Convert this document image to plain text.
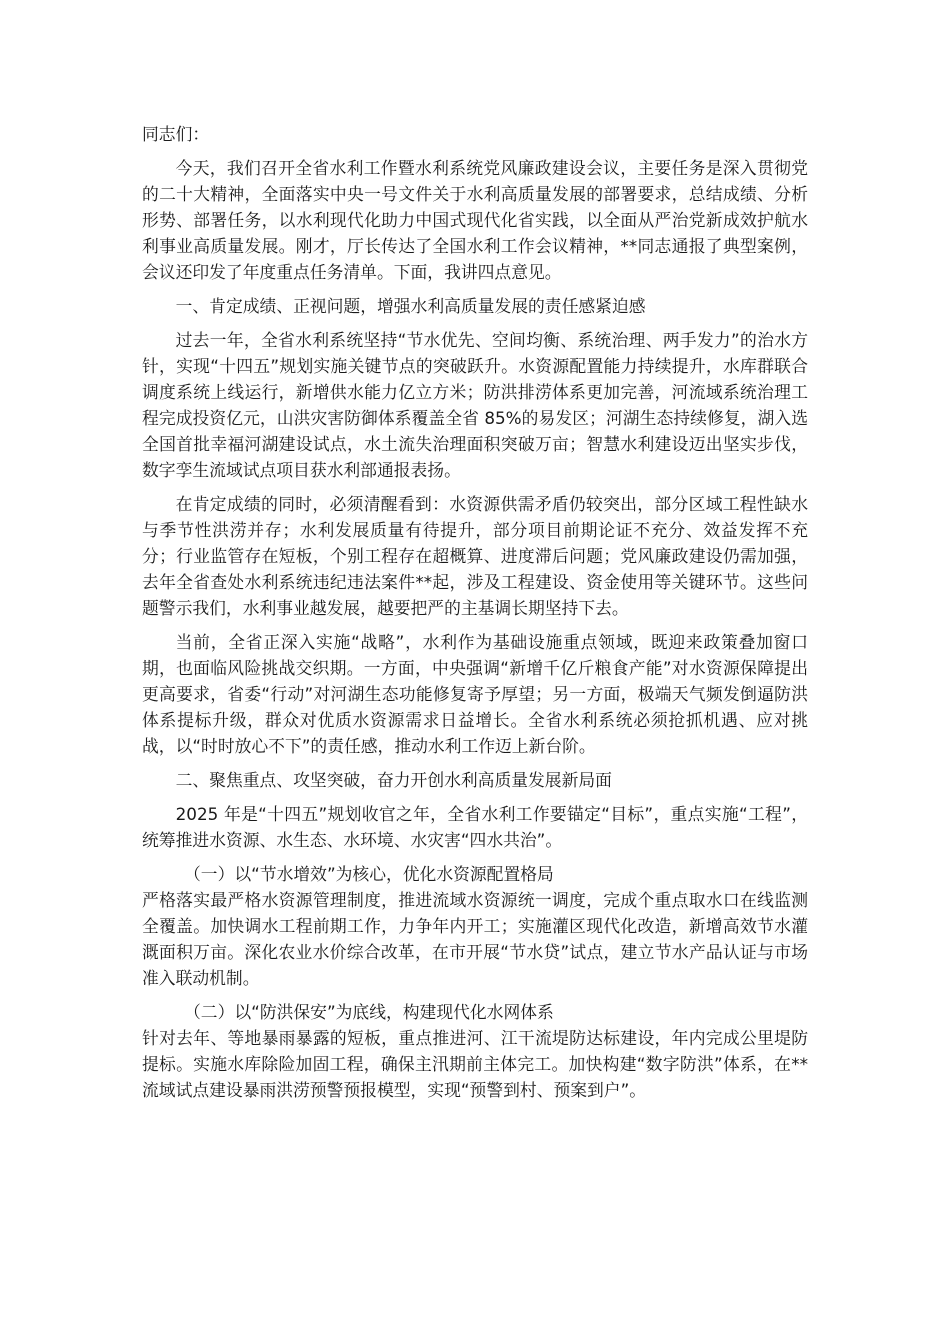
同志们：

今天，我们召开全省水利工作暨水利系统党风廉政建设会议，主要任务是深入贯彻党的二十大精神，全面落实中央一号文件关于水利高质量发展的部署要求，总结成绩、分析形势、部署任务，以水利现代化助力中国式现代化省实践，以全面从严治党新成效护航水利事业高质量发展。刚才，厅长传达了全国水利工作会议精神，**同志通报了典型案例，会议还印发了年度重点任务清单。下面，我讲四点意见。

一、肯定成绩、正视问题，增强水利高质量发展的责任感紧迫感

过去一年，全省水利系统坚持“节水优先、空间均衡、系统治理、两手发力”的治水方针，实现“十四五”规划实施关键节点的突破跃升。水资源配置能力持续提升，水库群联合调度系统上线运行，新增供水能力亿立方米；防洪排涝体系更加完善，河流域系统治理工程完成投资亿元，山洪灾害防御体系覆盖全省 85%的易发区；河湖生态持续修复，湖入选全国首批幸福河湖建设试点，水土流失治理面积突破万亩；智慧水利建设迈出坚实步伐，数字孪生流域试点项目获水利部通报表扬。

在肯定成绩的同时，必须清醒看到：水资源供需矛盾仍较突出，部分区域工程性缺水与季节性洪涝并存；水利发展质量有待提升，部分项目前期论证不充分、效益发挥不充分；行业监管存在短板，个别工程存在超概算、进度滞后问题；党风廉政建设仍需加强，去年全省查处水利系统违纪违法案件**起，涉及工程建设、资金使用等关键环节。这些问题警示我们，水利事业越发展，越要把严的主基调长期坚持下去。

当前，全省正深入实施“战略”，水利作为基础设施重点领域，既迎来政策叠加窗口期，也面临风险挑战交织期。一方面，中央强调“新增千亿斤粮食产能”对水资源保障提出更高要求，省委“行动”对河湖生态功能修复寄予厚望；另一方面，极端天气频发倒逼防洪体系提标升级，群众对优质水资源需求日益增长。全省水利系统必须抢抓机遇、应对挑战，以“时时放心不下”的责任感，推动水利工作迈上新台阶。

二、聚焦重点、攻坚突破，奋力开创水利高质量发展新局面

2025 年是“十四五”规划收官之年，全省水利工作要锚定“目标”，重点实施“工程”，统筹推进水资源、水生态、水环境、水灾害“四水共治”。

（一）以“节水增效”为核心，优化水资源配置格局

严格落实最严格水资源管理制度，推进流域水资源统一调度，完成个重点取水口在线监测全覆盖。加快调水工程前期工作，力争年内开工；实施灌区现代化改造，新增高效节水灌溉面积万亩。深化农业水价综合改革，在市开展“节水贷”试点，建立节水产品认证与市场准入联动机制。

（二）以“防洪保安”为底线，构建现代化水网体系

针对去年、等地暴雨暴露的短板，重点推进河、江干流堤防达标建设，年内完成公里堤防提标。实施水库除险加固工程，确保主汛期前主体完工。加快构建“数字防洪”体系，在**流域试点建设暴雨洪涝预警预报模型，实现“预警到村、预案到户”。
